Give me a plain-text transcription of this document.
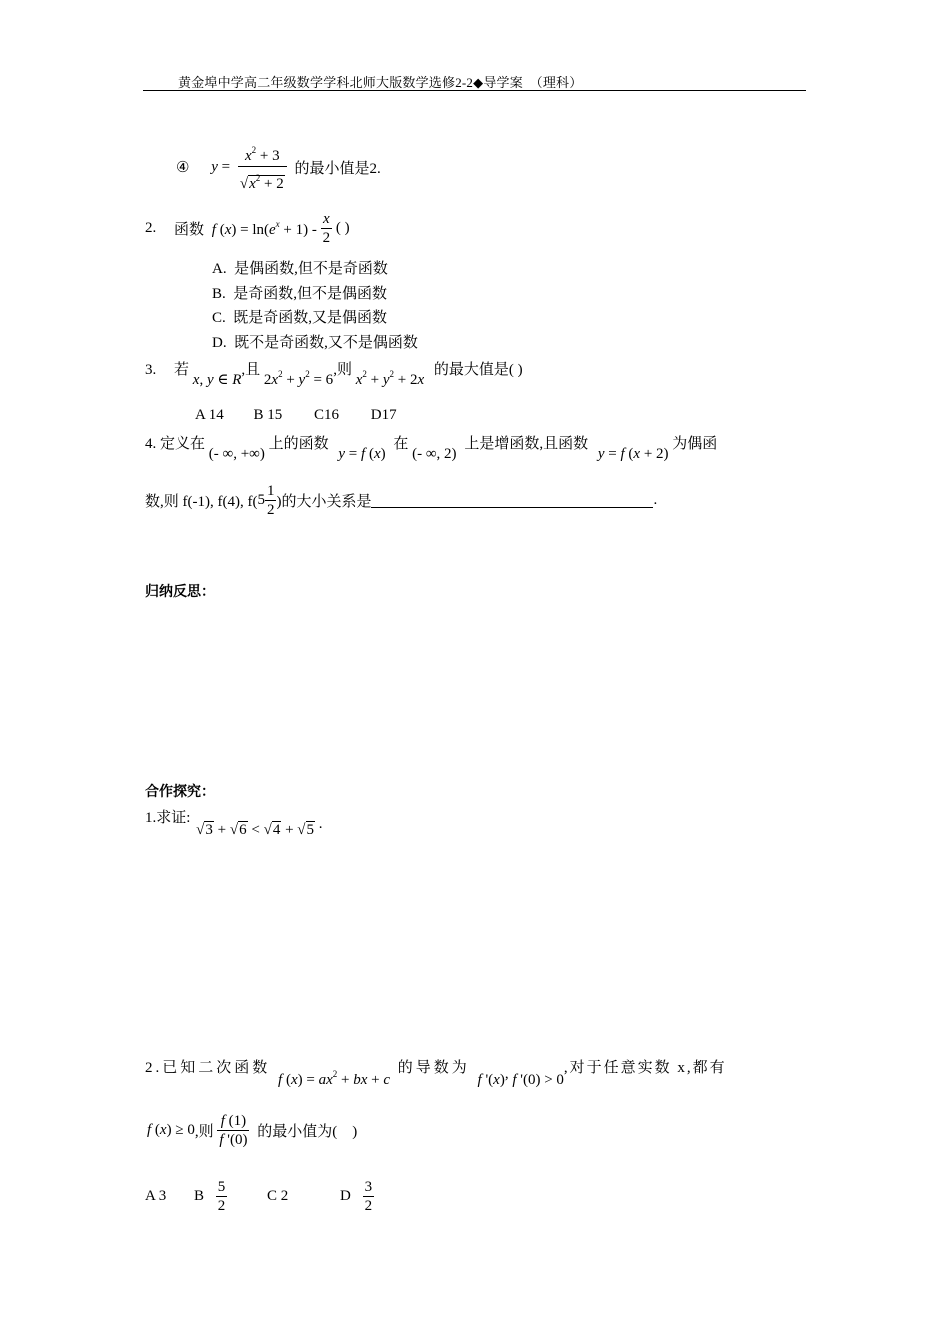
黄金埠中学高二年级数学学科北师大版数学选修2-2◆导学案　（理科）
④ $y = \frac{x^2 + 3}{√x^2 + 2}$ 的最小值是2.
2. 函数 f $(x) = \ln(e^x + 1) - \frac{x}{2}$ ( )
A. 是偶函数,但不是奇函数
B. 是奇函数,但不是偶函数
C. 既是奇函数,又是偶函数
D. 既不是奇函数,又不是偶函数
3. 若 x, y ∈ R,且 $2x^2 + y^2 = 6$,则 $x^2 + y^2 + 2x$ 的最大值是( )
A 14 B 15 C16 D17
4. 定义在 (- ∞, +∞) 上的函数 y = f (x) 在 (- ∞, 2) 上是增函数,且函数 y = f (x + 2) 为偶函
数,则 f(-1), f(4), $f(5 \frac{1}{2}$ )的大小关系是	.
归纳反思：
合作探究：
1.求证: √3 + √6 < √4 + √5 .
2.已知二次函数 f $(x) = ax^2$ + bx + c 的导数为 f '(x), f '(0) > 0,对于任意实数 x,都有
f (x) ≥ 0,则 $\frac{f (1)}{f '(0)}$ 的最小值为(　)
A 3 B $\frac{5}{2}$	C 2	D $\frac{3}{2}$
